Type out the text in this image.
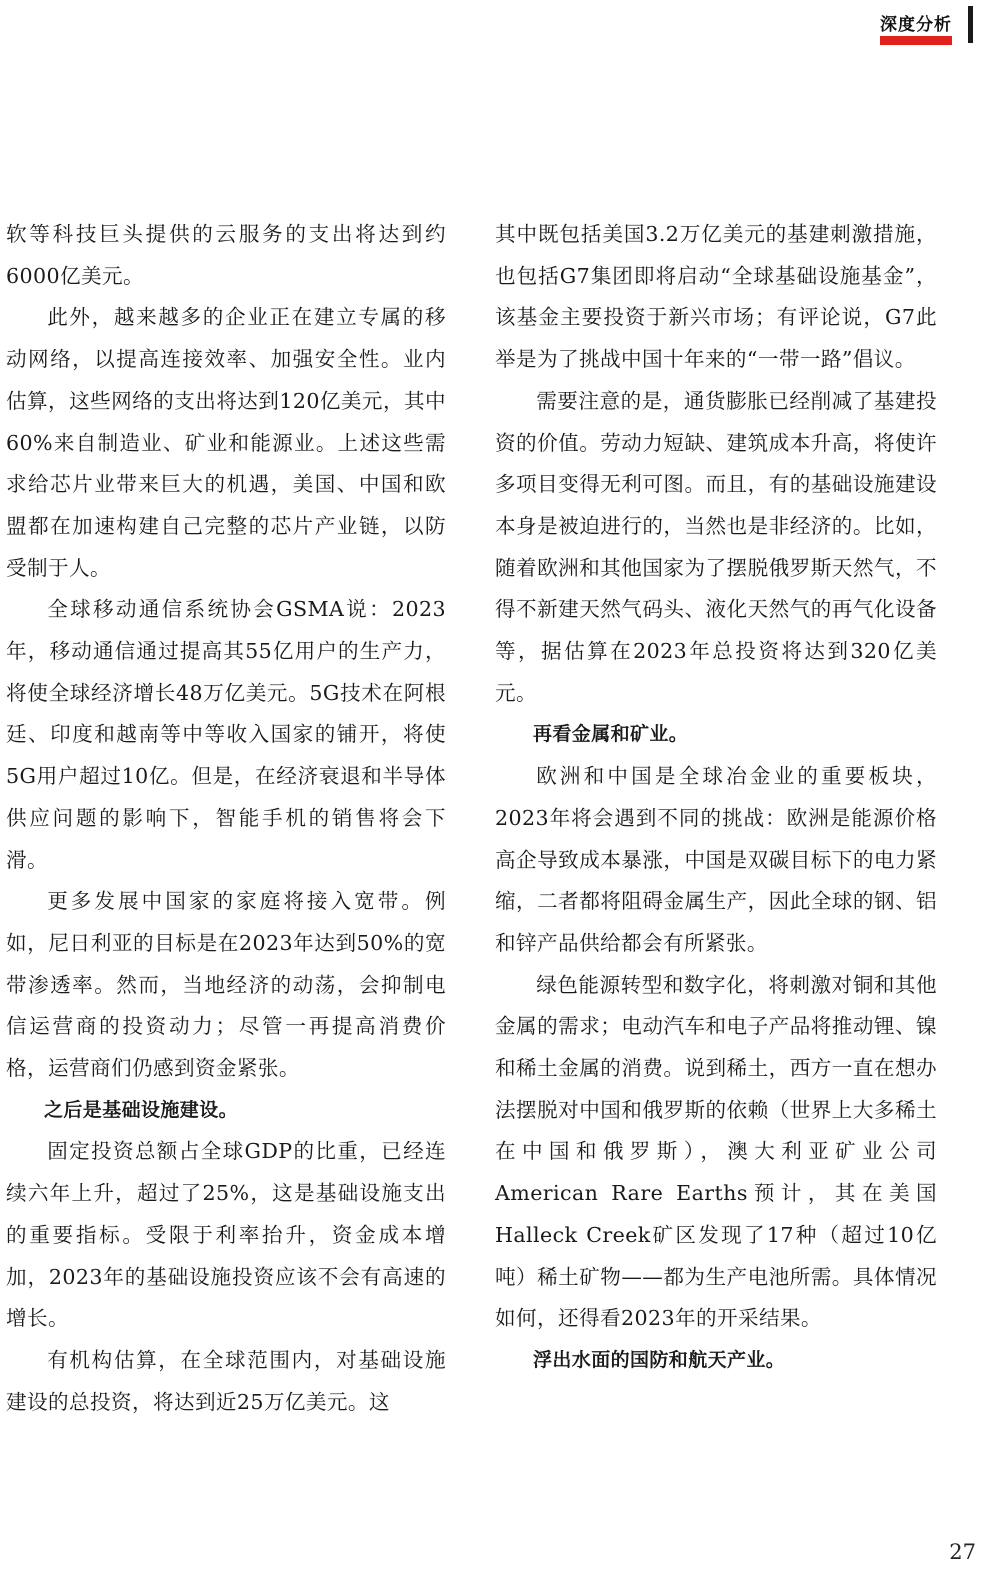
深度分析

软等科技巨头提供的云服务的支出将达到约6000亿美元。

此外，越来越多的企业正在建立专属的移动网络，以提高连接效率、加强安全性。业内估算，这些网络的支出将达到120亿美元，其中60%来自制造业、矿业和能源业。上述这些需求给芯片业带来巨大的机遇，美国、中国和欧盟都在加速构建自己完整的芯片产业链，以防受制于人。

全球移动通信系统协会GSMA说：2023年，移动通信通过提高其55亿用户的生产力，将使全球经济增长48万亿美元。5G技术在阿根廷、印度和越南等中等收入国家的铺开，将使5G用户超过10亿。但是，在经济衰退和半导体供应问题的影响下，智能手机的销售将会下滑。

更多发展中国家的家庭将接入宽带。例如，尼日利亚的目标是在2023年达到50%的宽带渗透率。然而，当地经济的动荡，会抑制电信运营商的投资动力；尽管一再提高消费价格，运营商们仍感到资金紧张。

之后是基础设施建设。

固定投资总额占全球GDP的比重，已经连续六年上升，超过了25%，这是基础设施支出的重要指标。受限于利率抬升，资金成本增加，2023年的基础设施投资应该不会有高速的增长。

有机构估算，在全球范围内，对基础设施建设的总投资，将达到近25万亿美元。这

其中既包括美国3.2万亿美元的基建刺激措施，也包括G7集团即将启动“全球基础设施基金”，该基金主要投资于新兴市场；有评论说，G7此举是为了挑战中国十年来的“一带一路”倡议。

需要注意的是，通货膨胀已经削减了基建投资的价值。劳动力短缺、建筑成本升高，将使许多项目变得无利可图。而且，有的基础设施建设本身是被迫进行的，当然也是非经济的。比如，随着欧洲和其他国家为了摆脱俄罗斯天然气，不得不新建天然气码头、液化天然气的再气化设备等，据估算在2023年总投资将达到320亿美元。

再看金属和矿业。

欧洲和中国是全球冶金业的重要板块，2023年将会遇到不同的挑战：欧洲是能源价格高企导致成本暴涨，中国是双碳目标下的电力紧缩，二者都将阻碍金属生产，因此全球的钢、铝和锌产品供给都会有所紧张。

绿色能源转型和数字化，将刺激对铜和其他金属的需求；电动汽车和电子产品将推动锂、镍和稀土金属的消费。说到稀土，西方一直在想办法摆脱对中国和俄罗斯的依赖（世界上大多稀土在中国和俄罗斯），澳大利亚矿业公司American Rare Earths预计，其在美国Halleck Creek矿区发现了17种（超过10亿吨）稀土矿物——都为生产电池所需。具体情况如何，还得看2023年的开采结果。

浮出水面的国防和航天产业。

27
